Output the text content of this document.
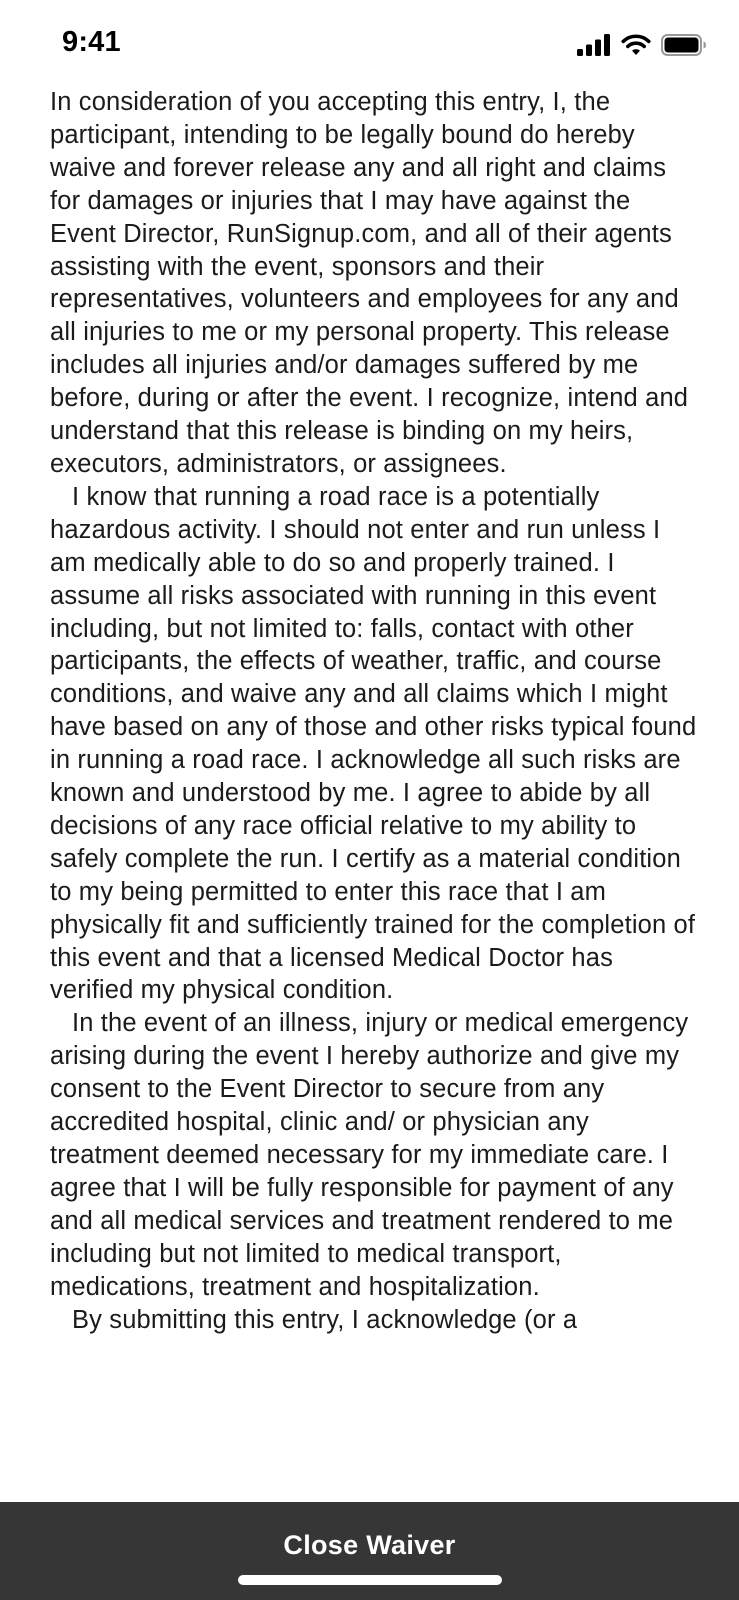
9:41

In consideration of you accepting this entry, I, the participant, intending to be legally bound do hereby waive and forever release any and all right and claims for damages or injuries that I may have against the Event Director, RunSignup.com, and all of their agents assisting with the event, sponsors and their representatives, volunteers and employees for any and all injuries to me or my personal property. This release includes all injuries and/or damages suffered by me before, during or after the event. I recognize, intend and understand that this release is binding on my heirs, executors, administrators, or assignees.

I know that running a road race is a potentially hazardous activity. I should not enter and run unless I am medically able to do so and properly trained. I assume all risks associated with running in this event including, but not limited to: falls, contact with other participants, the effects of weather, traffic, and course conditions, and waive any and all claims which I might have based on any of those and other risks typical found in running a road race. I acknowledge all such risks are known and understood by me. I agree to abide by all decisions of any race official relative to my ability to safely complete the run. I certify as a material condition to my being permitted to enter this race that I am physically fit and sufficiently trained for the completion of this event and that a licensed Medical Doctor has verified my physical condition.

In the event of an illness, injury or medical emergency arising during the event I hereby authorize and give my consent to the Event Director to secure from any accredited hospital, clinic and/ or physician any treatment deemed necessary for my immediate care. I agree that I will be fully responsible for payment of any and all medical services and treatment rendered to me including but not limited to medical transport, medications, treatment and hospitalization.

By submitting this entry, I acknowledge (or a

Close Waiver
